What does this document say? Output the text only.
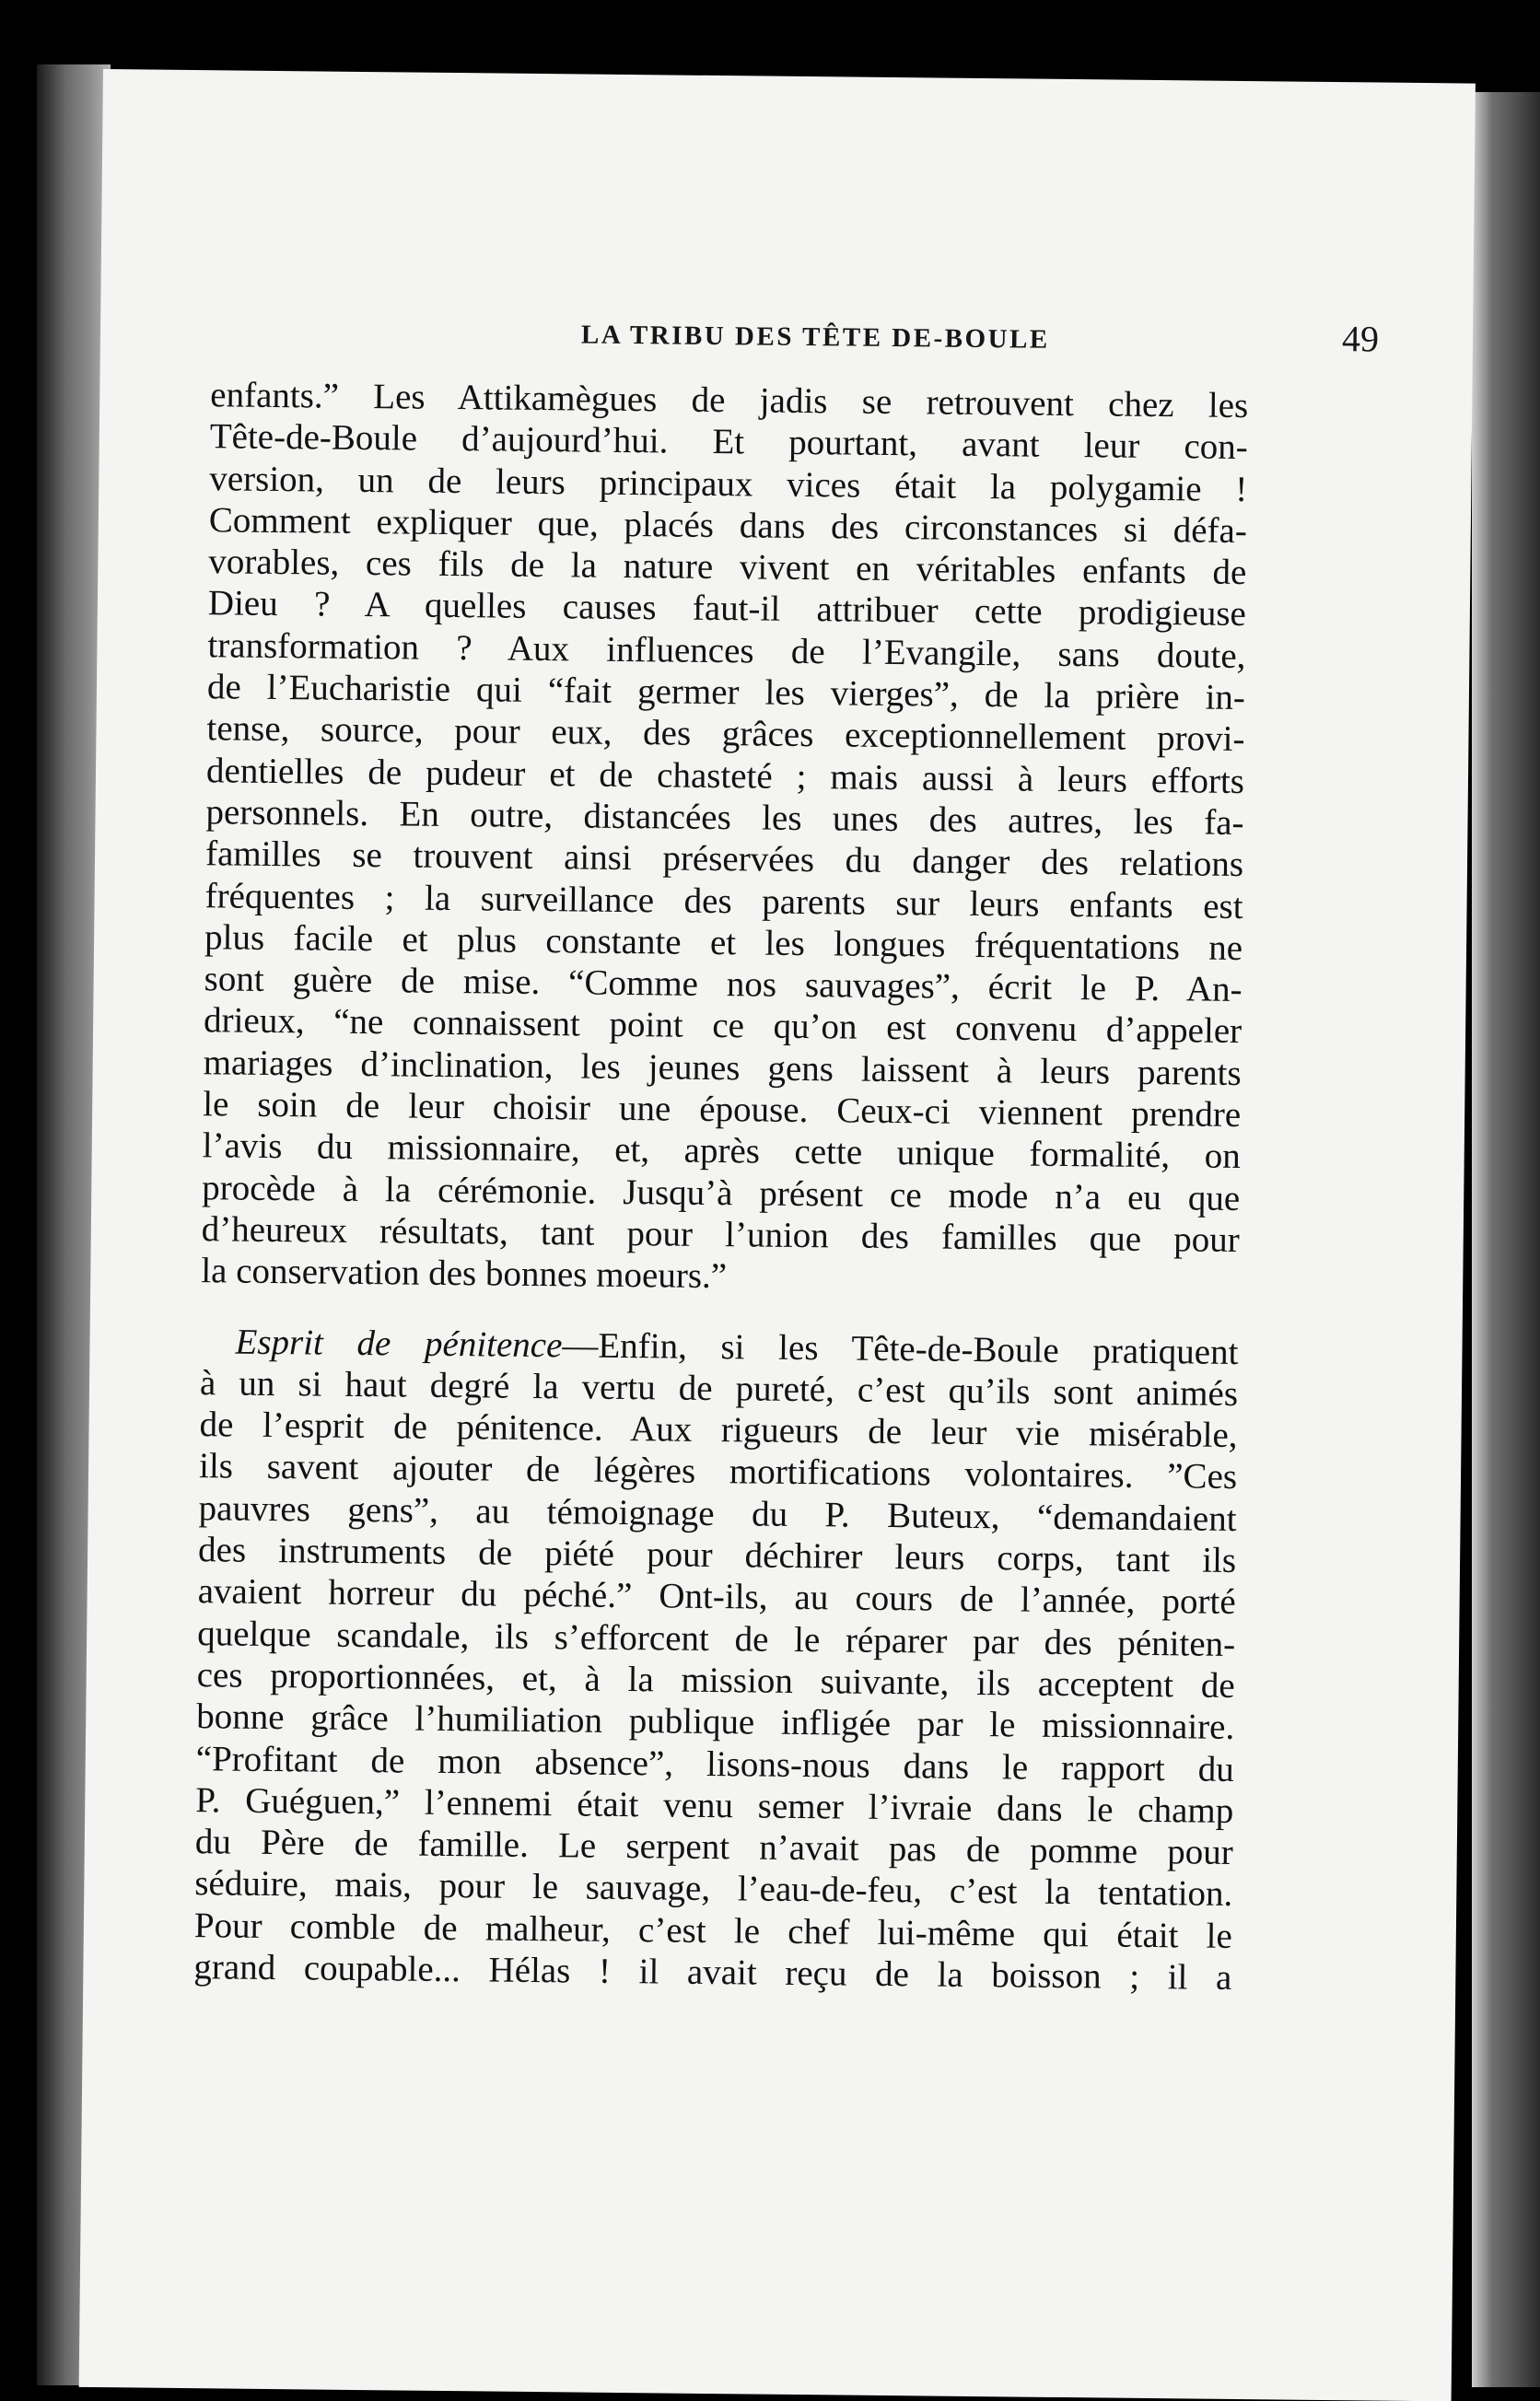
LA TRIBU DES TÊTE DE-BOULE	49
enfants.” Les Attikamègues de jadis se retrouvent chez les
Tête-de-Boule d’aujourd’hui. Et pourtant, avant leur con-
version, un de leurs principaux vices était la polygamie !
Comment expliquer que, placés dans des circonstances si défa-
vorables, ces fils de la nature vivent en véritables enfants de
Dieu ? A quelles causes faut-il attribuer cette prodigieuse
transformation ? Aux influences de l’Evangile, sans doute,
de l’Eucharistie qui “fait germer les vierges”, de la prière in-
tense, source, pour eux, des grâces exceptionnellement provi-
dentielles de pudeur et de chasteté ; mais aussi à leurs efforts
personnels. En outre, distancées les unes des autres, les fa-
familles se trouvent ainsi préservées du danger des relations
fréquentes ; la surveillance des parents sur leurs enfants est
plus facile et plus constante et les longues fréquentations ne
sont guère de mise. “Comme nos sauvages”, écrit le P. An-
drieux, “ne connaissent point ce qu’on est convenu d’appeler
mariages d’inclination, les jeunes gens laissent à leurs parents
le soin de leur choisir une épouse. Ceux-ci viennent prendre
l’avis du missionnaire, et, après cette unique formalité, on
procède à la cérémonie. Jusqu’à présent ce mode n’a eu que
d’heureux résultats, tant pour l’union des familles que pour
la conservation des bonnes moeurs.”
Esprit de pénitence—Enfin, si les Tête-de-Boule pratiquent
à un si haut degré la vertu de pureté, c’est qu’ils sont animés
de l’esprit de pénitence. Aux rigueurs de leur vie misérable,
ils savent ajouter de légères mortifications volontaires. ”Ces
pauvres gens”, au témoignage du P. Buteux, “demandaient
des instruments de piété pour déchirer leurs corps, tant ils
avaient horreur du péché.” Ont-ils, au cours de l’année, porté
quelque scandale, ils s’efforcent de le réparer par des péniten-
ces proportionnées, et, à la mission suivante, ils acceptent de
bonne grâce l’humiliation publique infligée par le missionnaire.
“Profitant de mon absence”, lisons-nous dans le rapport du
P. Guéguen,” l’ennemi était venu semer l’ivraie dans le champ
du Père de famille. Le serpent n’avait pas de pomme pour
séduire, mais, pour le sauvage, l’eau-de-feu, c’est la tentation.
Pour comble de malheur, c’est le chef lui-même qui était le
grand coupable... Hélas ! il avait reçu de la boisson ; il a
